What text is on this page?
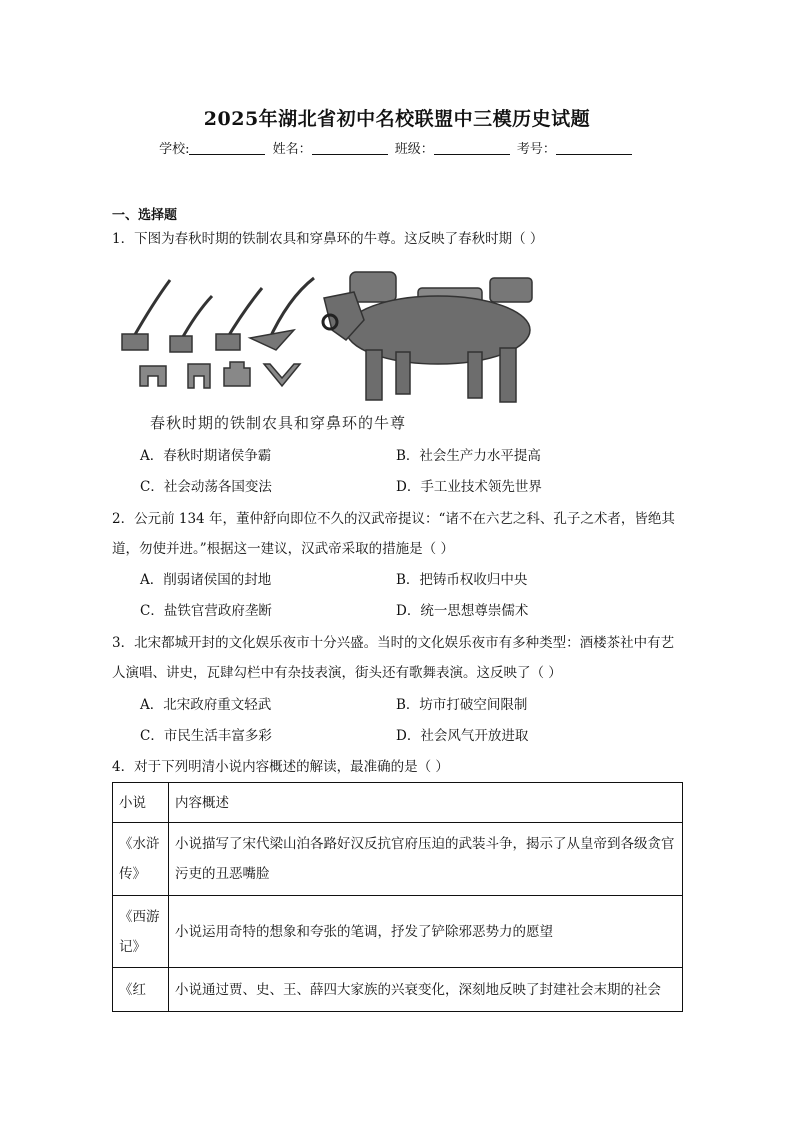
2025年湖北省初中名校联盟中三模历史试题
学校:	姓名：	班级：	考号：
一、选择题
1．下图为春秋时期的铁制农具和穿鼻环的牛尊。这反映了春秋时期（ ）
春秋时期的铁制农具和穿鼻环的牛尊
A．春秋时期诸侯争霸	B．社会生产力水平提高
C．社会动荡各国变法	D．手工业技术领先世界
2．公元前 134 年，董仲舒向即位不久的汉武帝提议：“诸不在六艺之科、孔子之术者，皆绝其道，勿使并进。”根据这一建议，汉武帝采取的措施是（ ）
A．削弱诸侯国的封地	B．把铸币权收归中央
C．盐铁官营政府垄断	D．统一思想尊崇儒术
3．北宋都城开封的文化娱乐夜市十分兴盛。当时的文化娱乐夜市有多种类型：酒楼茶社中有艺人演唱、讲史，瓦肆勾栏中有杂技表演，街头还有歌舞表演。这反映了（ ）
A．北宋政府重文轻武	B．坊市打破空间限制
C．市民生活丰富多彩	D．社会风气开放进取
4．对于下列明清小说内容概述的解读，最准确的是（ ）
小说	内容概述
《水浒传》	小说描写了宋代梁山泊各路好汉反抗官府压迫的武装斗争，揭示了从皇帝到各级贪官污吏的丑恶嘴脸
《西游记》	小说运用奇特的想象和夸张的笔调，抒发了铲除邪恶势力的愿望
《红	小说通过贾、史、王、薛四大家族的兴衰变化，深刻地反映了封建社会末期的社会
